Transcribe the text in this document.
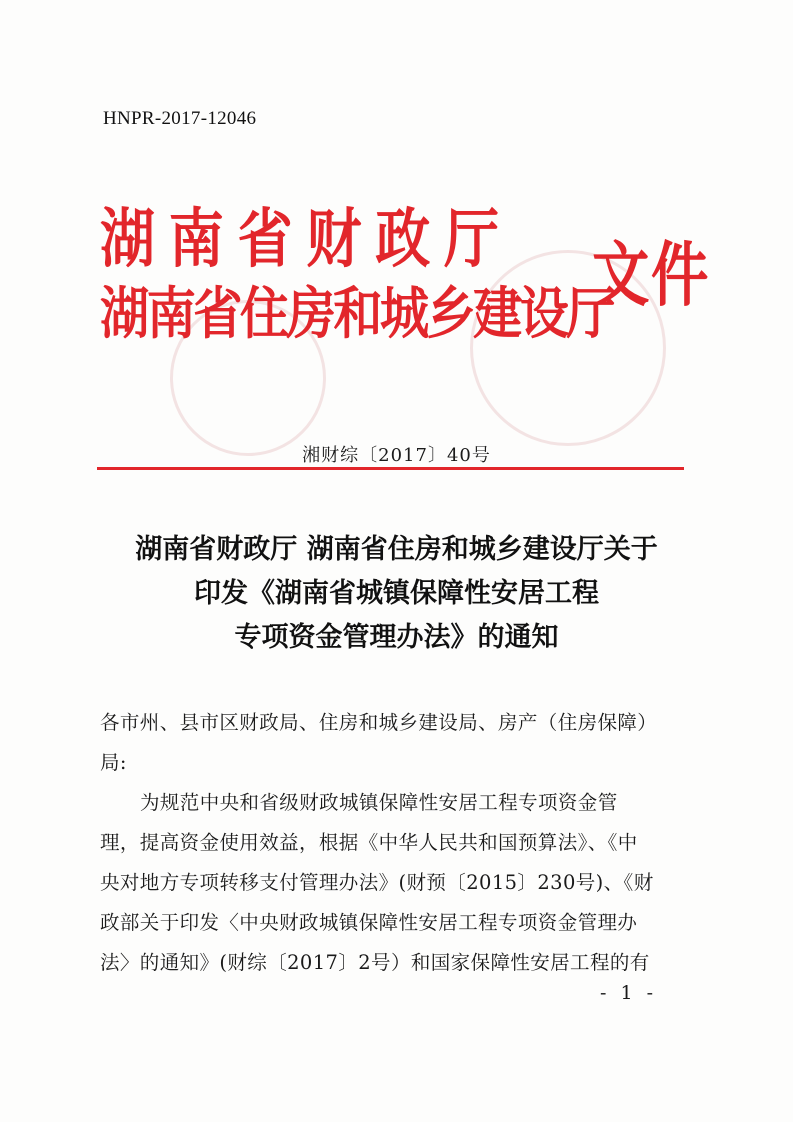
HNPR-2017-12046
湖南省财政厅
湖南省住房和城乡建设厅
文件
湘财综〔2017〕40号
湖南省财政厅 湖南省住房和城乡建设厅关于
印发《湖南省城镇保障性安居工程
专项资金管理办法》的通知
各市州、县市区财政局、住房和城乡建设局、房产（住房保障）
局:
为规范中央和省级财政城镇保障性安居工程专项资金管
理，提高资金使用效益，根据《中华人民共和国预算法》、《中
央对地方专项转移支付管理办法》(财预〔2015〕230号)、《财
政部关于印发〈中央财政城镇保障性安居工程专项资金管理办
法〉的通知》(财综〔2017〕2号）和国家保障性安居工程的有
- 1 -
